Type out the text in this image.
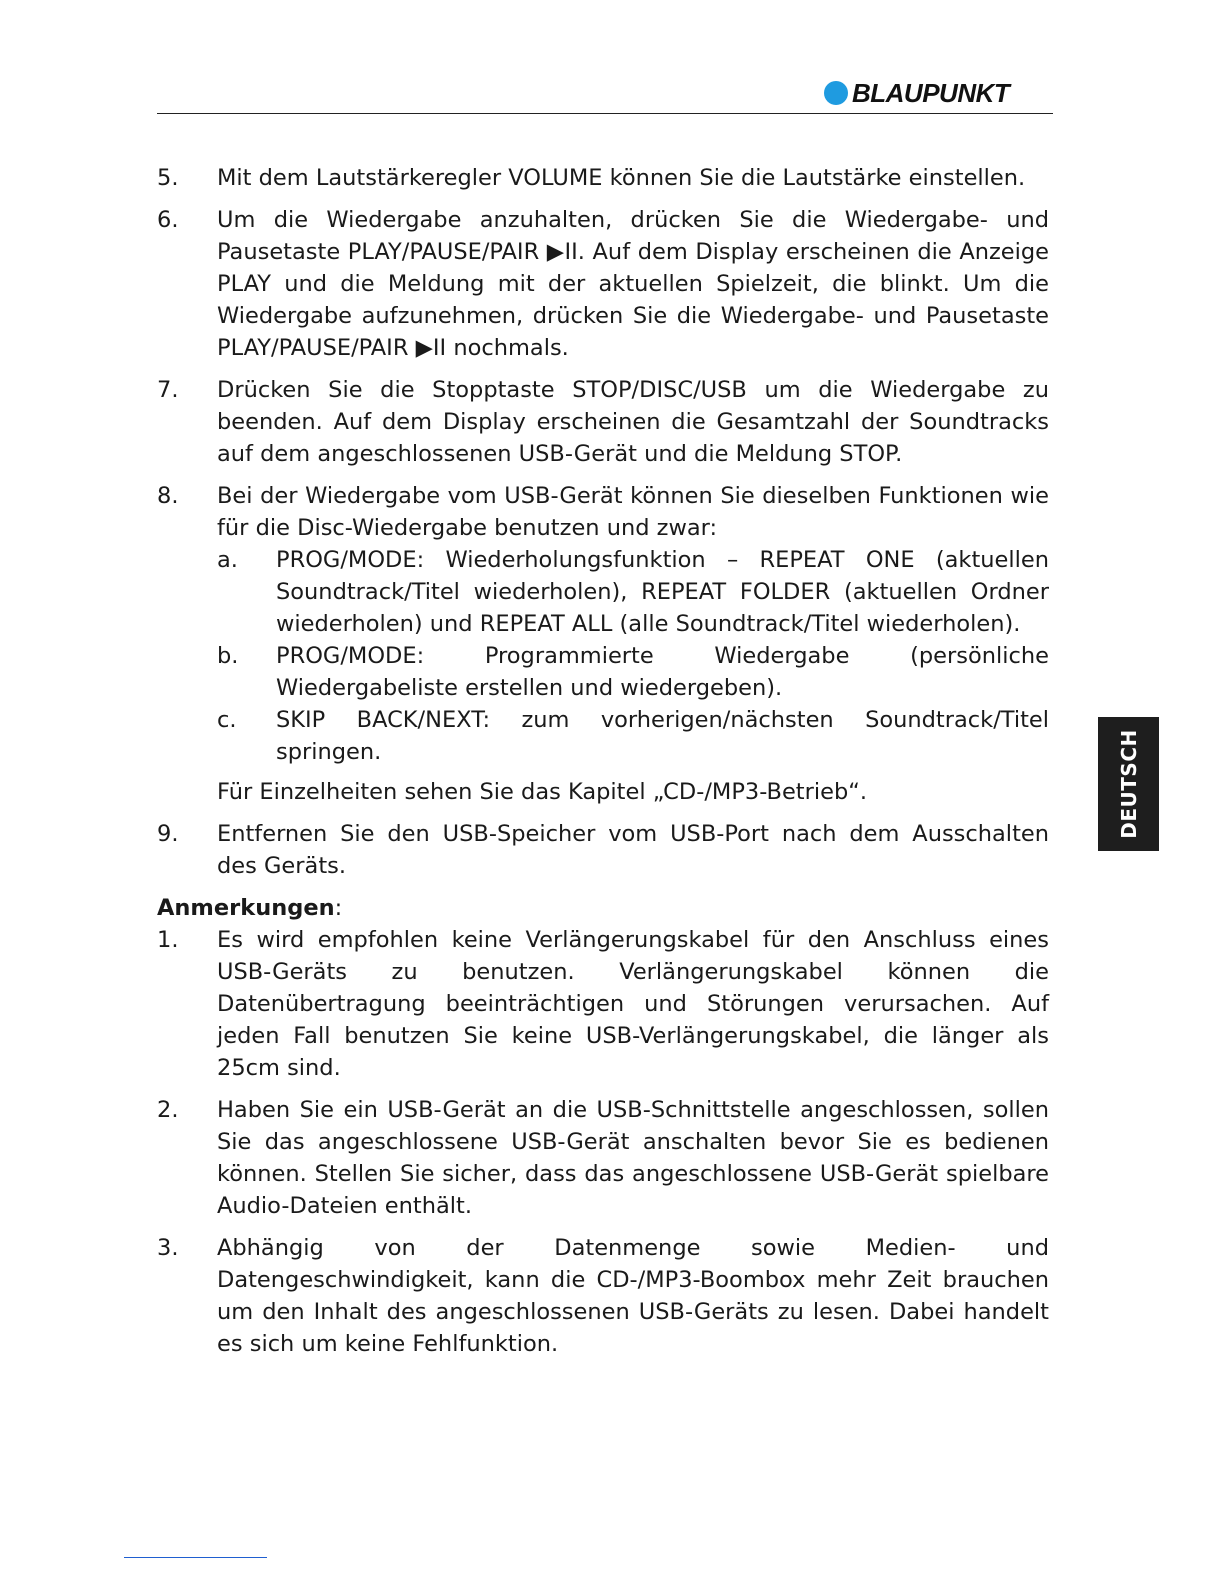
BLAUPUNKT
DEUTSCH
5.	Mit dem Lautstärkeregler VOLUME können Sie die Lautstärke einstellen.
6.	Um die Wiedergabe anzuhalten, drücken Sie die Wiedergabe- und Pausetaste PLAY/PAUSE/PAIR ▶︎II. Auf dem Display erscheinen die Anzeige PLAY und die Meldung mit der aktuellen Spielzeit, die blinkt. Um die Wiedergabe aufzunehmen, drücken Sie die Wiedergabe- und Pausetaste PLAY/PAUSE/PAIR ▶︎II nochmals.
7.	Drücken Sie die Stopptaste STOP/DISC/USB um die Wiedergabe zu beenden. Auf dem Display erscheinen die Gesamtzahl der Soundtracks auf dem angeschlossenen USB-Gerät und die Meldung STOP.
8.	Bei der Wiedergabe vom USB-Gerät können Sie dieselben Funktionen wie für die Disc-Wiedergabe benutzen und zwar:
a.	PROG/MODE: Wiederholungsfunktion – REPEAT ONE (aktuellen Soundtrack/Titel wiederholen), REPEAT FOLDER (aktuellen Ordner wiederholen) und REPEAT ALL (alle Soundtrack/Titel wiederholen).
b.	PROG/MODE: Programmierte Wiedergabe (persönliche Wiedergabeliste erstellen und wiedergeben).
c.	SKIP BACK/NEXT: zum vorherigen/nächsten Soundtrack/Titel springen.
Für Einzelheiten sehen Sie das Kapitel „CD-/MP3-Betrieb“.
9.	Entfernen Sie den USB-Speicher vom USB-Port nach dem Ausschalten des Geräts.
Anmerkungen:
1.	Es wird empfohlen keine Verlängerungskabel für den Anschluss eines USB-Geräts zu benutzen. Verlängerungskabel können die Datenübertragung beeinträchtigen und Störungen verursachen. Auf jeden Fall benutzen Sie keine USB-Verlängerungskabel, die länger als 25cm sind.
2.	Haben Sie ein USB-Gerät an die USB-Schnittstelle angeschlossen, sollen Sie das angeschlossene USB-Gerät anschalten bevor Sie es bedienen können. Stellen Sie sicher, dass das angeschlossene USB-Gerät spielbare Audio-Dateien enthält.
3.	Abhängig von der Datenmenge sowie Medien- und Datengeschwindigkeit, kann die CD-/MP3-Boombox mehr Zeit brauchen um den Inhalt des angeschlossenen USB-Geräts zu lesen. Dabei handelt es sich um keine Fehlfunktion.
